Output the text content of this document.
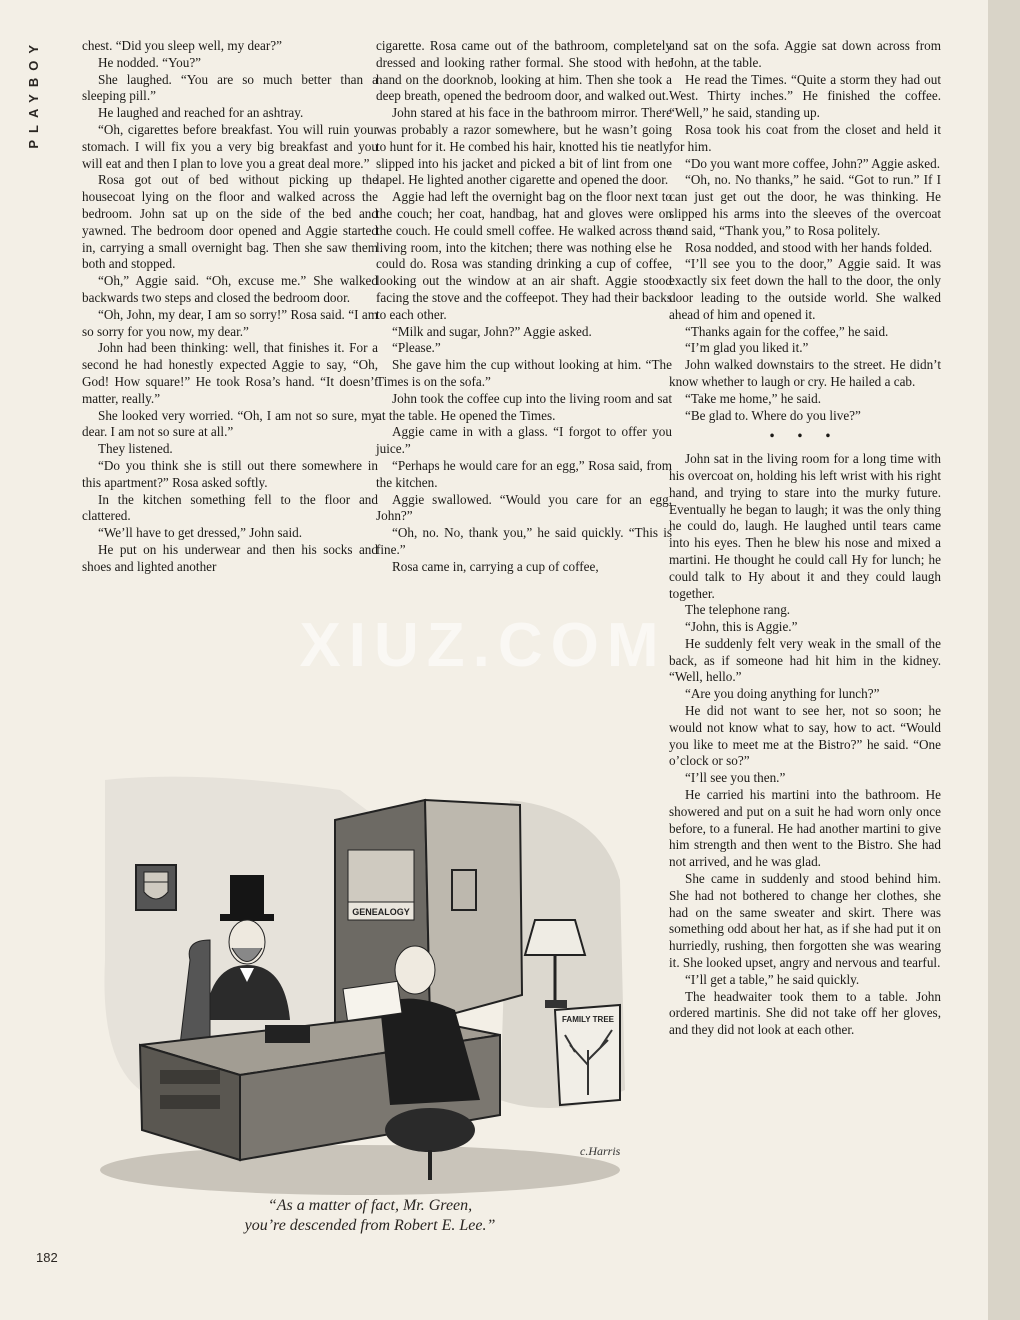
PLAYBOY	chest. “Did you sleep well, my dear?”

He nodded. “You?”

She laughed. “You are so much better than a sleeping pill.”

He laughed and reached for an ashtray.

“Oh, cigarettes before breakfast. You will ruin your stomach. I will fix you a very big breakfast and you will eat and then I plan to love you a great deal more.”

Rosa got out of bed without picking up the housecoat lying on the floor and walked across the bedroom. John sat up on the side of the bed and yawned. The bedroom door opened and Aggie started in, carrying a small overnight bag. Then she saw them both and stopped.

“Oh,” Aggie said. “Oh, excuse me.” She walked backwards two steps and closed the bedroom door.

“Oh, John, my dear, I am so sorry!” Rosa said. “I am so sorry for you now, my dear.”

John had been thinking: well, that finishes it. For a second he had honestly expected Aggie to say, “Oh, God! How square!” He took Rosa’s hand. “It doesn’t matter, really.”

She looked very worried. “Oh, I am not so sure, my dear. I am not so sure at all.”

They listened.

“Do you think she is still out there somewhere in this apartment?” Rosa asked softly.

In the kitchen something fell to the floor and clattered.

“We’ll have to get dressed,” John said.

He put on his underwear and then his socks and shoes and lighted another

cigarette. Rosa came out of the bathroom, completely dressed and looking rather formal. She stood with her hand on the doorknob, looking at him. Then she took a deep breath, opened the bedroom door, and walked out.

John stared at his face in the bathroom mirror. There was probably a razor somewhere, but he wasn’t going to hunt for it. He combed his hair, knotted his tie neatly, slipped into his jacket and picked a bit of lint from one lapel. He lighted another cigarette and opened the door.

Aggie had left the overnight bag on the floor next to the couch; her coat, handbag, hat and gloves were on the couch. He could smell coffee. He walked across the living room, into the kitchen; there was nothing else he could do. Rosa was standing drinking a cup of coffee, looking out the window at an air shaft. Aggie stood facing the stove and the coffeepot. They had their backs to each other.

“Milk and sugar, John?” Aggie asked.

“Please.”

She gave him the cup without looking at him. “The Times is on the sofa.”

John took the coffee cup into the living room and sat at the table. He opened the Times.

Aggie came in with a glass. “I forgot to offer you juice.”

“Perhaps he would care for an egg,” Rosa said, from the kitchen.

Aggie swallowed. “Would you care for an egg, John?”

“Oh, no. No, thank you,” he said quickly. “This is fine.”

Rosa came in, carrying a cup of coffee,

and sat on the sofa. Aggie sat down across from John, at the table.

He read the Times. “Quite a storm they had out West. Thirty inches.” He finished the coffee. “Well,” he said, standing up.

Rosa took his coat from the closet and held it for him.

“Do you want more coffee, John?” Aggie asked.

“Oh, no. No thanks,” he said. “Got to run.” If I can just get out the door, he was thinking. He slipped his arms into the sleeves of the overcoat and said, “Thank you,” to Rosa politely.

Rosa nodded, and stood with her hands folded.

“I’ll see you to the door,” Aggie said. It was exactly six feet down the hall to the door, the only door leading to the outside world. She walked ahead of him and opened it.

“Thanks again for the coffee,” he said.

“I’m glad you liked it.”

John walked downstairs to the street. He didn’t know whether to laugh or cry. He hailed a cab.

“Take me home,” he said.

“Be glad to. Where do you live?”

• • •

John sat in the living room for a long time with his overcoat on, holding his left wrist with his right hand, and trying to stare into the murky future. Eventually he began to laugh; it was the only thing he could do, laugh. He laughed until tears came into his eyes. Then he blew his nose and mixed a martini. He thought he could call Hy for lunch; he could talk to Hy about it and they could laugh together.

The telephone rang.

“John, this is Aggie.”

He suddenly felt very weak in the small of the back, as if someone had hit him in the kidney. “Well, hello.”

“Are you doing anything for lunch?”

He did not want to see her, not so soon; he would not know what to say, how to act. “Would you like to meet me at the Bistro?” he said. “One o’clock or so?”

“I’ll see you then.”

He carried his martini into the bathroom. He showered and put on a suit he had worn only once before, to a funeral. He had another martini to give him strength and then went to the Bistro. She had not arrived, and he was glad.

She came in suddenly and stood behind him. She had not bothered to change her clothes, she had on the same sweater and skirt. There was something odd about her hat, as if she had put it on hurriedly, rushing, then forgotten she was wearing it. She looked upset, angry and nervous and tearful.

“I’ll get a table,” he said quickly.

The headwaiter took them to a table. John ordered martinis. She did not take off her gloves, and they did not look at each other.

GENEALOGY
FAMILY TREE
c.Harris
“As a matter of fact, Mr. Green,
you’re descended from Robert E. Lee.”
182
XIUZ.COM
